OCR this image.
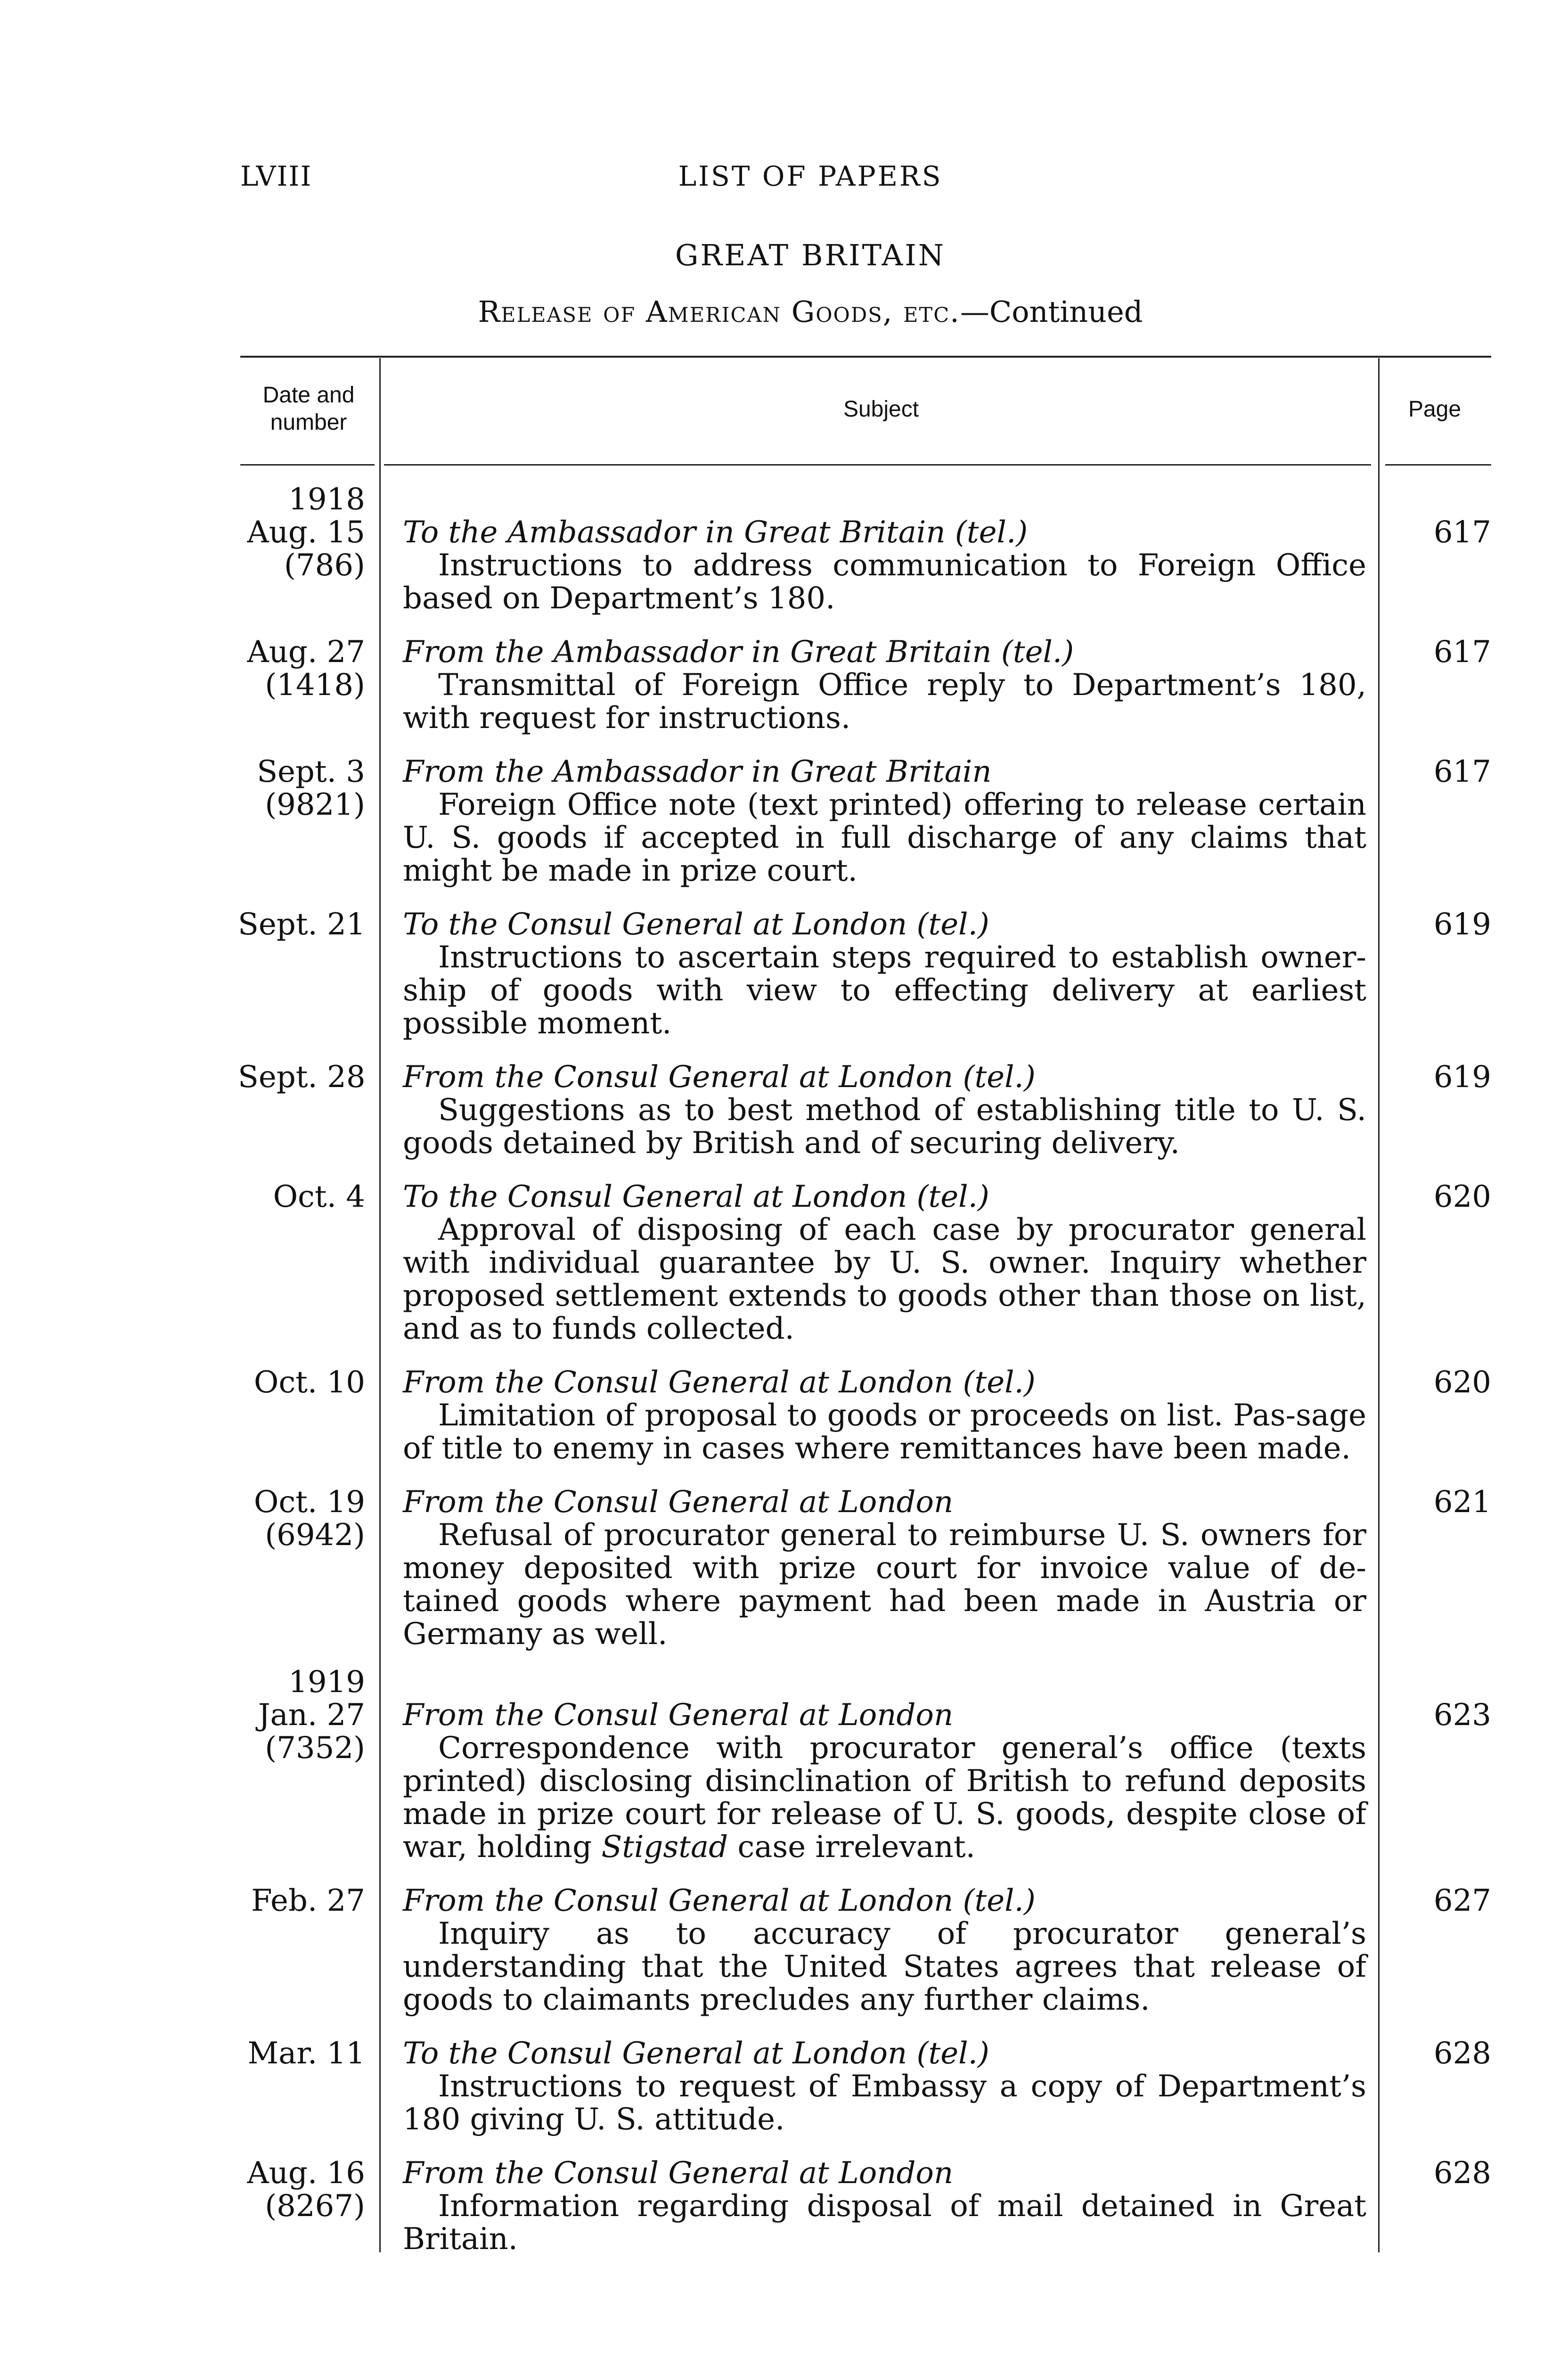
LVIII	LIST OF PAPERS
GREAT BRITAIN
Release of American Goods, etc.—Continued
Date and number
Subject	Page
1918
Aug. 15
(786)
To the Ambassador in Great Britain (tel.)
Instructions to address communication to Foreign Office based on Department’s 180.
617
Aug. 27
(1418)
From the Ambassador in Great Britain (tel.)
Transmittal of Foreign Office reply to Department’s 180, with request for instructions.
617
Sept. 3
(9821)
From the Ambassador in Great Britain
Foreign Office note (text printed) offering to release certain U. S. goods if accepted in full discharge of any claims that might be made in prize court.
617
Sept. 21 To the Consul General at London (tel.)
Instructions to ascertain steps required to establish owner-ship of goods with view to effecting delivery at earliest possible moment.
619
Sept. 28 From the Consul General at London (tel.)
Suggestions as to best method of establishing title to U. S. goods detained by British and of securing delivery.
619
Oct. 4 To the Consul General at London (tel.)
Approval of disposing of each case by procurator general with individual guarantee by U. S. owner. Inquiry whether proposed settlement extends to goods other than those on list, and as to funds collected.
620
Oct. 10 From the Consul General at London (tel.)
Limitation of proposal to goods or proceeds on list. Pas-sage of title to enemy in cases where remittances have been made.
620
Oct. 19
(6942)
From the Consul General at London
Refusal of procurator general to reimburse U. S. owners for money deposited with prize court for invoice value of de-tained goods where payment had been made in Austria or Germany as well.
621
1919
Jan. 27
(7352)
From the Consul General at London
Correspondence with procurator general’s office (texts printed) disclosing disinclination of British to refund deposits made in prize court for release of U. S. goods, despite close of war, holding Stigstad case irrelevant.
623
Feb. 27 From the Consul General at London (tel.)
Inquiry as to accuracy of procurator general’s understanding that the United States agrees that release of goods to claimants precludes any further claims.
627
Mar. 11 To the Consul General at London (tel.)
Instructions to request of Embassy a copy of Department’s 180 giving U. S. attitude.
628
Aug. 16
(8267)
From the Consul General at London
Information regarding disposal of mail detained in Great Britain.
628
